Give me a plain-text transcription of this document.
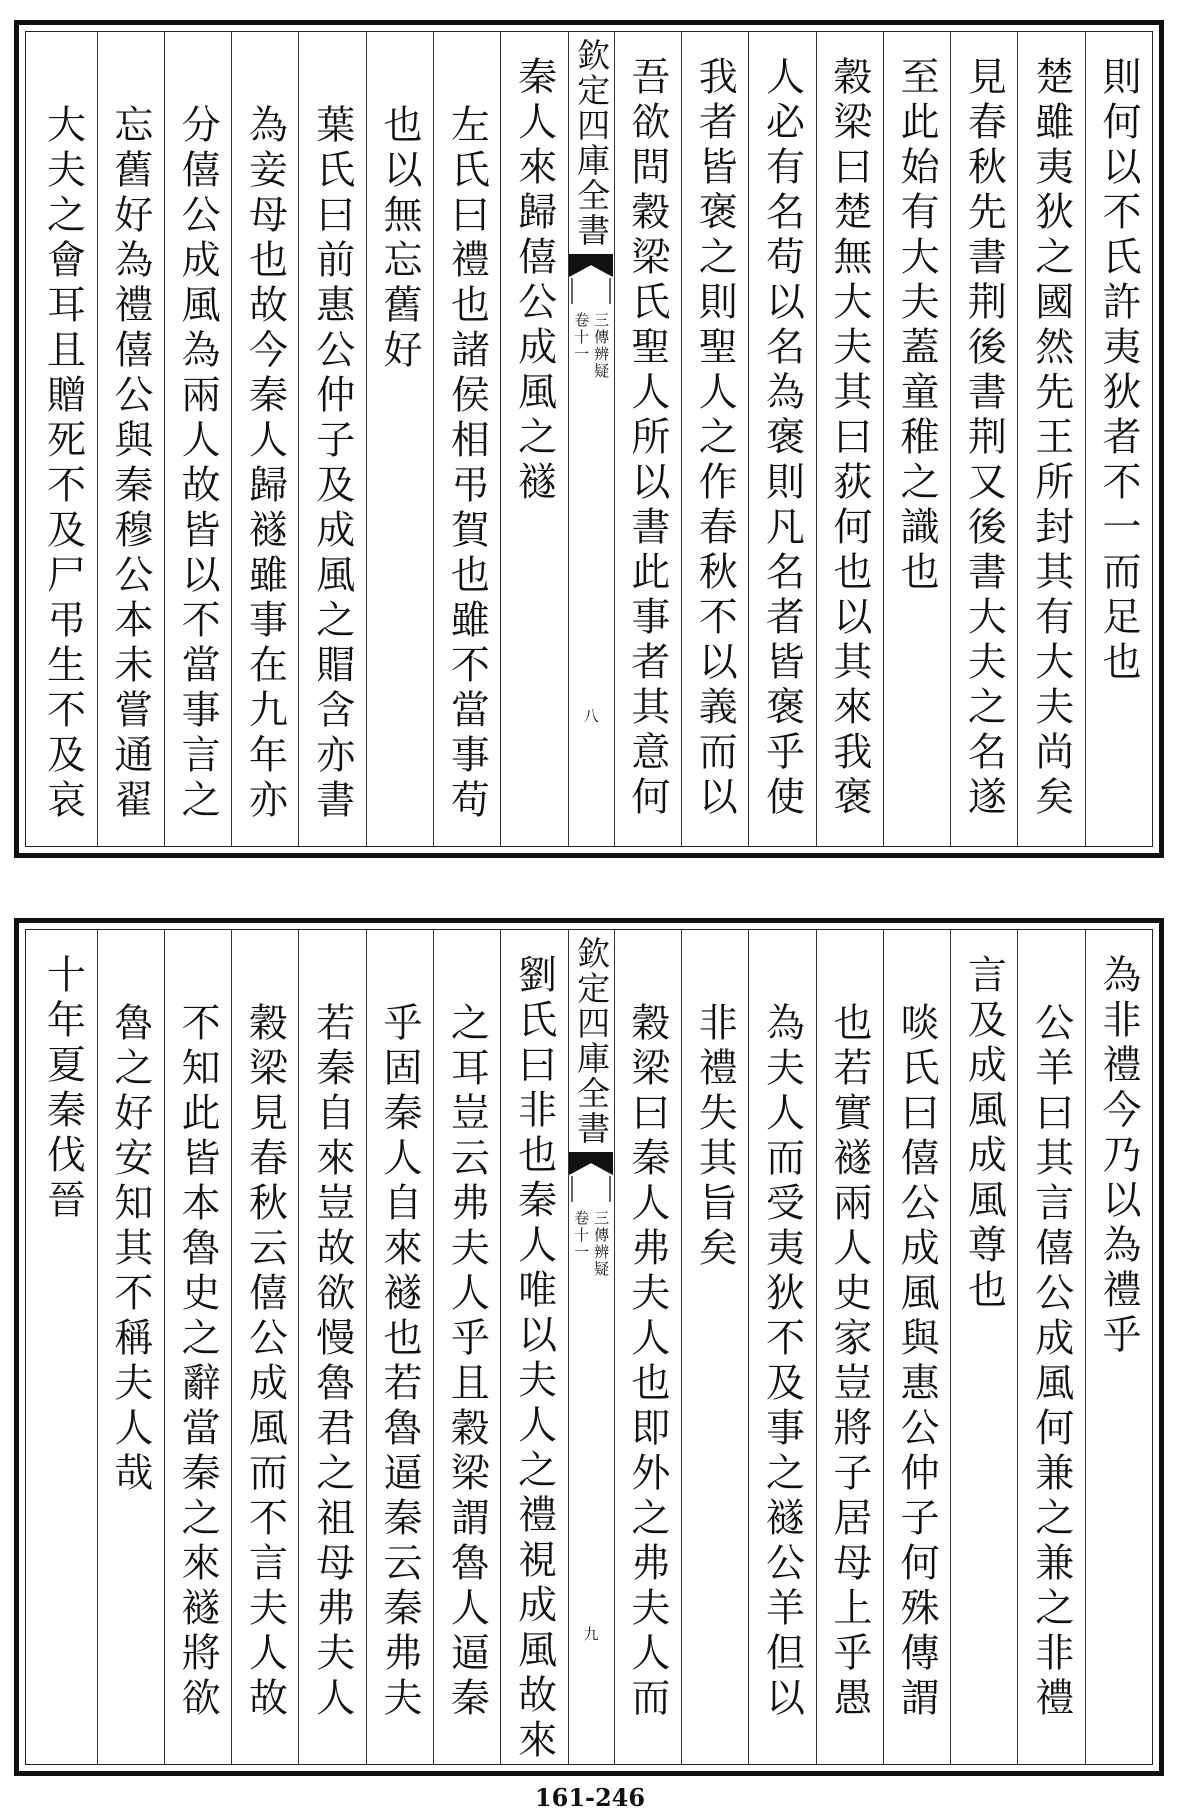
則何以不氏許夷狄者不一而足也
楚雖夷狄之國然先王所封其有大夫尚矣
見春秋先書荆後書荆又後書大夫之名遂
至此始有大夫蓋童稚之識也
穀梁曰楚無大夫其曰荻何也以其來我褒
人必有名苟以名為褒則凡名者皆褒乎使
我者皆褒之則聖人之作春秋不以義而以
吾欲問穀梁氏聖人所以書此事者其意何
欽定四庫全書
三傳辨疑
卷十一
八
秦人來歸僖公成風之襚
左氏曰禮也諸侯相弔賀也雖不當事苟
也以無忘舊好
葉氏曰前惠公仲子及成風之賵含亦書
為妾母也故今秦人歸襚雖事在九年亦
分僖公成風為兩人故皆以不當事言之
忘舊好為禮僖公與秦穆公本未嘗通翟
大夫之會耳且贈死不及尸弔生不及哀
為非禮今乃以為禮乎
公羊曰其言僖公成風何兼之兼之非禮
言及成風成風尊也
啖氏曰僖公成風與惠公仲子何殊傳謂
也若實襚兩人史家豈將子居母上乎愚
為夫人而受夷狄不及事之襚公羊但以
非禮失其旨矣
穀梁曰秦人弗夫人也即外之弗夫人而
欽定四庫全書
三傳辨疑
卷十一
九
劉氏曰非也秦人唯以夫人之禮視成風故來
之耳豈云弗夫人乎且穀梁謂魯人逼秦
乎固秦人自來襚也若魯逼秦云秦弗夫
若秦自來豈故欲慢魯君之祖母弗夫人
穀梁見春秋云僖公成風而不言夫人故
不知此皆本魯史之辭當秦之來襚將欲
魯之好安知其不稱夫人哉
十年夏秦伐晉
161-246
